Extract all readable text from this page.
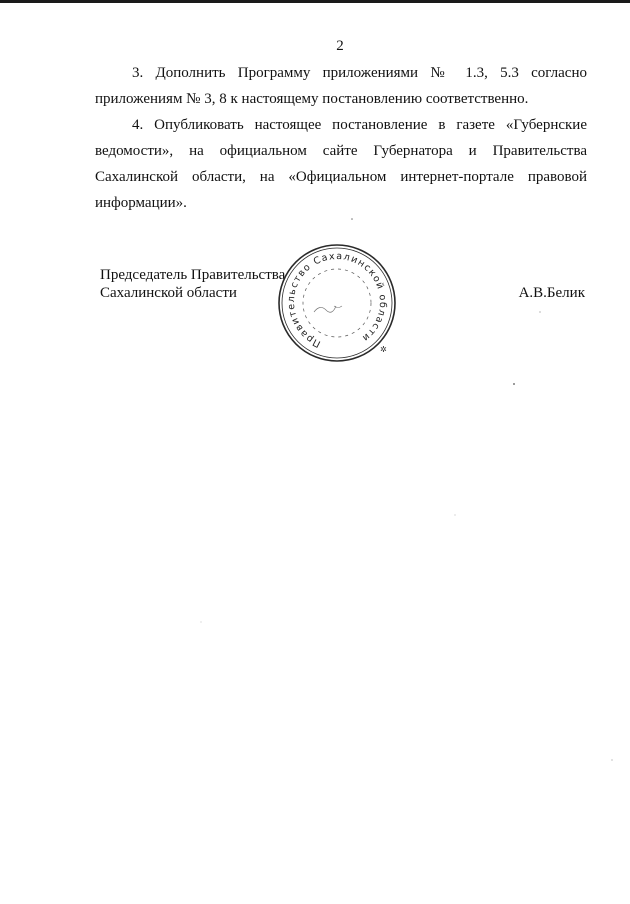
2
3. Дополнить Программу приложениями № 1.3, 5.3 согласно приложениям № 3, 8 к настоящему постановлению соответственно.
4. Опубликовать настоящее постановление в газете «Губернские ведомости», на официальном сайте Губернатора и Правительства Сахалинской области, на «Официальном интернет-портале правовой информации».
Председатель Правительства
Сахалинской области	А.В.Белик
Правительство Сахалинской области
✲
